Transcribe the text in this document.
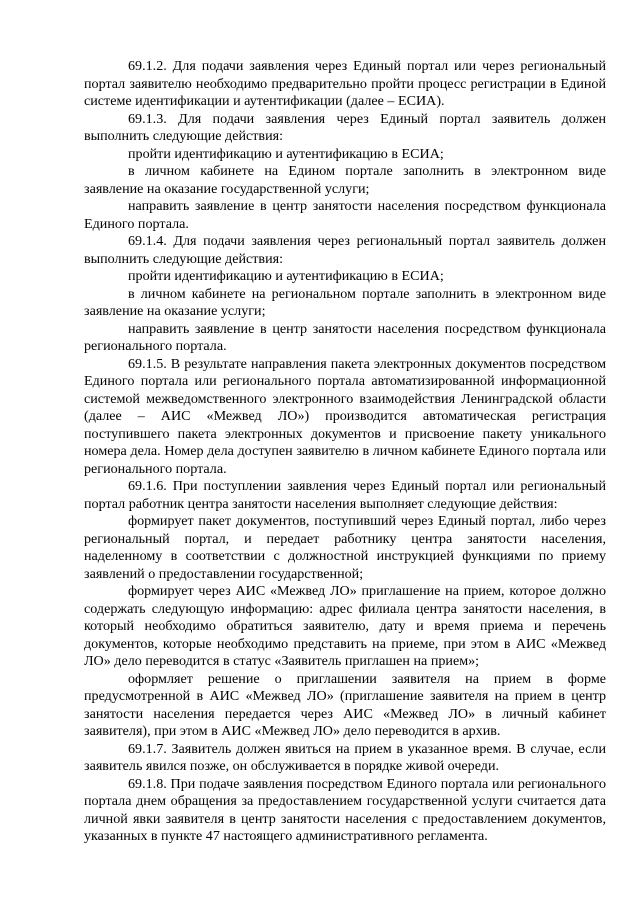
69.1.2. Для подачи заявления через Единый портал или через региональный портал заявителю необходимо предварительно пройти процесс регистрации в Единой системе идентификации и аутентификации (далее – ЕСИА).

69.1.3. Для подачи заявления через Единый портал заявитель должен выполнить следующие действия:

пройти идентификацию и аутентификацию в ЕСИА;

в личном кабинете на Едином портале заполнить в электронном виде заявление на оказание государственной услуги;

направить заявление в центр занятости населения посредством функционала Единого портала.

69.1.4. Для подачи заявления через региональный портал заявитель должен выполнить следующие действия:

пройти идентификацию и аутентификацию в ЕСИА;

в личном кабинете на региональном портале заполнить в электронном виде заявление на оказание услуги;

направить заявление в центр занятости населения посредством функционала регионального портала.

69.1.5. В результате направления пакета электронных документов посредством Единого портала или регионального портала автоматизированной информационной системой межведомственного электронного взаимодействия Ленинградской области (далее – АИС «Межвед ЛО») производится автоматическая регистрация поступившего пакета электронных документов и присвоение пакету уникального номера дела. Номер дела доступен заявителю в личном кабинете Единого портала или регионального портала.

69.1.6. При поступлении заявления через Единый портал или региональный портал работник центра занятости населения выполняет следующие действия:

формирует пакет документов, поступивший через Единый портал, либо через региональный портал, и передает работнику центра занятости населения, наделенному в соответствии с должностной инструкцией функциями по приему заявлений о предоставлении государственной;

формирует через АИС «Межвед ЛО» приглашение на прием, которое должно содержать следующую информацию: адрес филиала центра занятости населения, в который необходимо обратиться заявителю, дату и время приема и перечень документов, которые необходимо представить на приеме, при этом в АИС «Межвед ЛО» дело переводится в статус «Заявитель приглашен на прием»;

оформляет решение о приглашении заявителя на прием в форме предусмотренной в АИС «Межвед ЛО» (приглашение заявителя на прием в центр занятости населения передается через АИС «Межвед ЛО» в личный кабинет заявителя), при этом в АИС «Межвед ЛО» дело переводится в архив.

69.1.7. Заявитель должен явиться на прием в указанное время. В случае, если заявитель явился позже, он обслуживается в порядке живой очереди.

69.1.8. При подаче заявления посредством Единого портала или регионального портала днем обращения за предоставлением государственной услуги считается дата личной явки заявителя в центр занятости населения с предоставлением документов, указанных в пункте 47 настоящего административного регламента.
